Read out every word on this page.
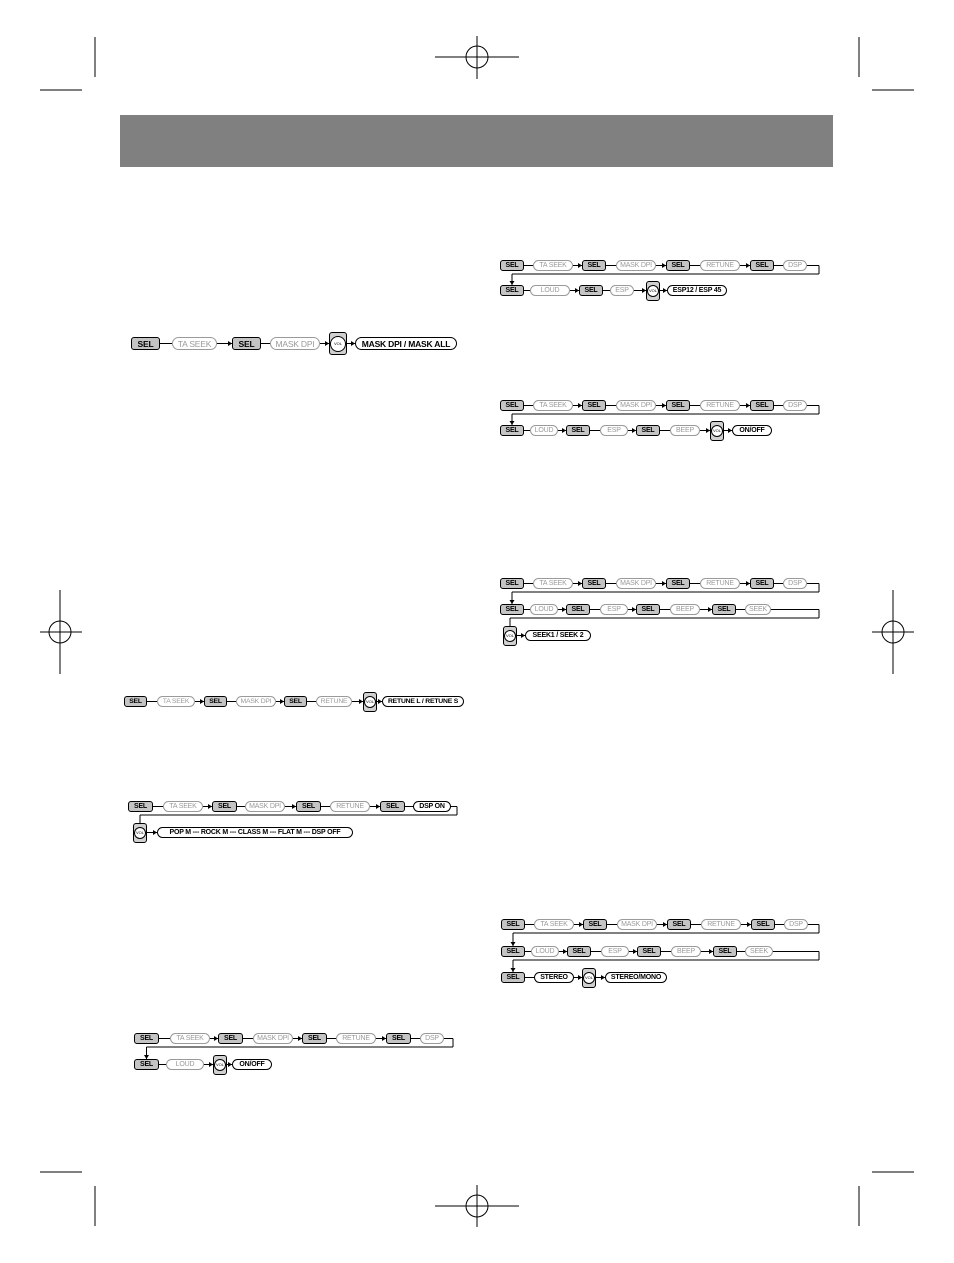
SEL	TA SEEK	SEL	MASK DPI	VOL	MASK DPI / MASK ALL
SEL	TA SEEK	SEL	MASK DPI	SEL	RETUNE	VOL	RETUNE L / RETUNE S
SEL	TA SEEK	SEL	MASK DPI	SEL	RETUNE	SEL	DSP ON
VOL	POP M --- ROCK M --- CLASS M --- FLAT M --- DSP OFF
SEL	TA SEEK	SEL	MASK DPI	SEL	RETUNE	SEL	DSP
SEL	LOUD	VOL	ON/OFF
SEL	TA SEEK	SEL	MASK DPI	SEL	RETUNE	SEL	DSP
SEL	LOUD	SEL	ESP	VOL	ESP12 / ESP 45
SEL	TA SEEK	SEL	MASK DPI	SEL	RETUNE	SEL	DSP
SEL	LOUD	SEL	ESP	SEL	BEEP	VOL	ON/OFF
SEL	TA SEEK	SEL	MASK DPI	SEL	RETUNE	SEL	DSP
SEL	LOUD	SEL	ESP	SEL	BEEP	SEL	SEEK
VOL	SEEK1 / SEEK 2
SEL	TA SEEK	SEL	MASK DPI	SEL	RETUNE	SEL	DSP
SEL	LOUD	SEL	ESP	SEL	BEEP	SEL	SEEK
SEL	STEREO	VOL	STEREO/MONO
